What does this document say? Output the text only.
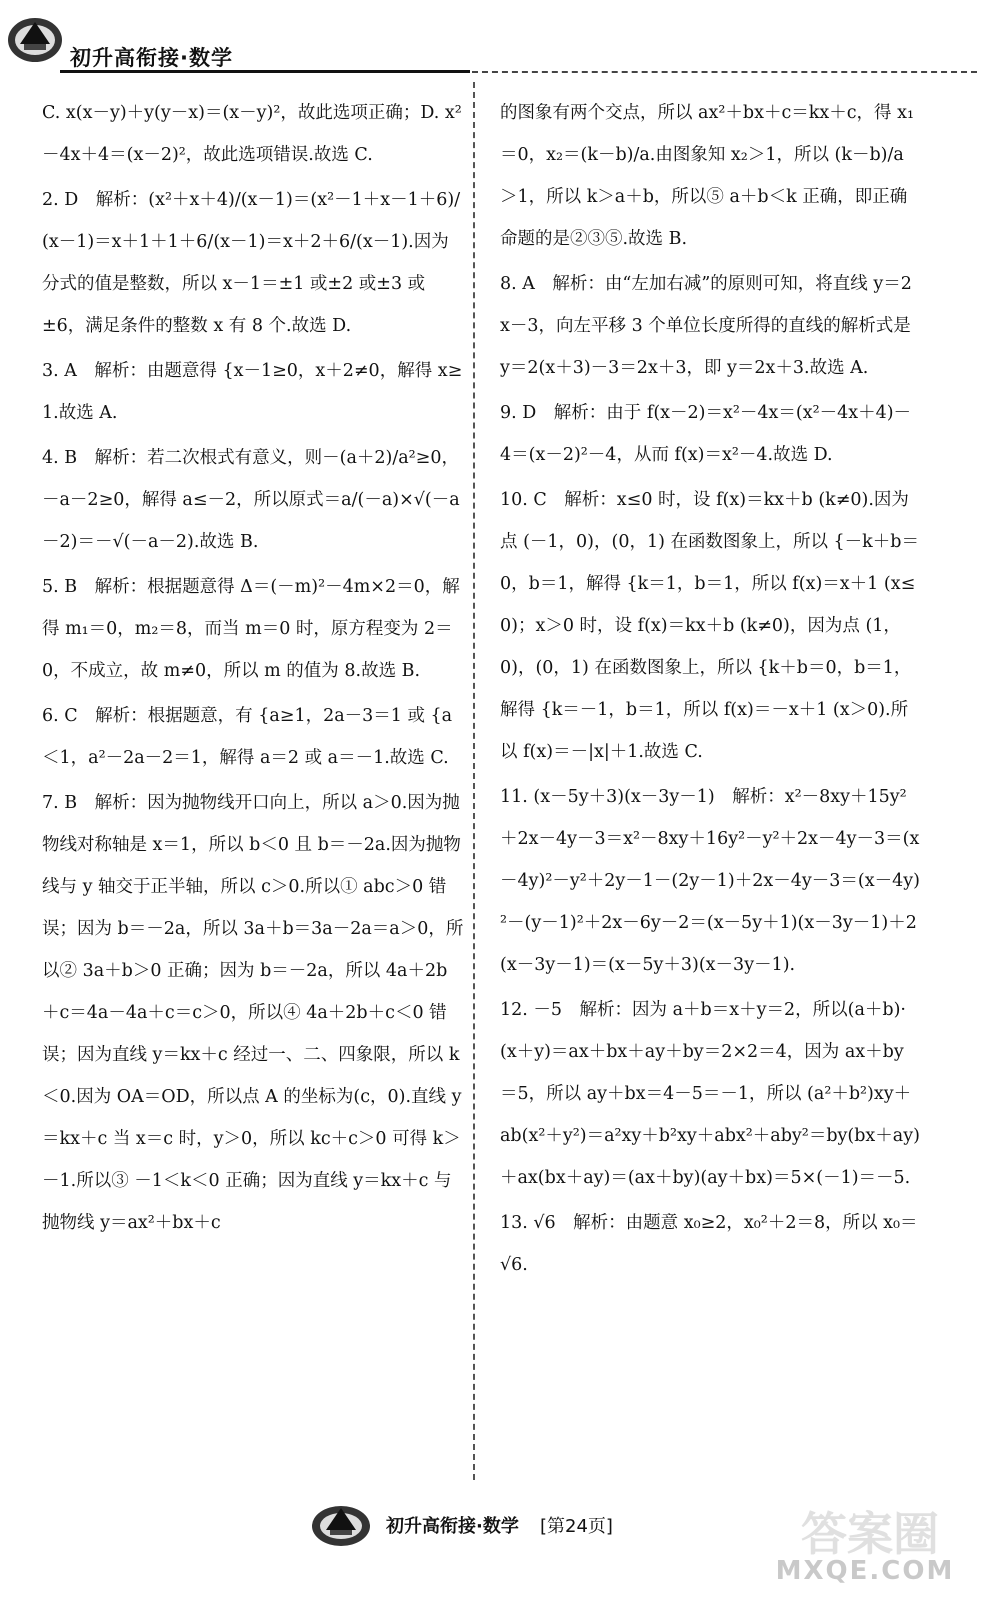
初升高衔接·数学

C. x(x－y)＋y(y－x)＝(x－y)²，故此选项正确；D. x²－4x＋4＝(x－2)²，故此选项错误.故选 C.

2. D　解析：(x²＋x＋4)/(x－1)＝(x²－1＋x－1＋6)/(x－1)＝x＋1＋1＋6/(x－1)＝x＋2＋6/(x－1).因为分式的值是整数，所以 x－1＝±1 或±2 或±3 或±6，满足条件的整数 x 有 8 个.故选 D.

3. A　解析：由题意得 {x－1≥0，x＋2≠0，解得 x≥1.故选 A.

4. B　解析：若二次根式有意义，则－(a＋2)/a²≥0，－a－2≥0，解得 a≤－2，所以原式＝a/(－a)×√(－a－2)＝－√(－a－2).故选 B.

5. B　解析：根据题意得 Δ＝(－m)²－4m×2＝0，解得 m₁＝0，m₂＝8，而当 m＝0 时，原方程变为 2＝0，不成立，故 m≠0，所以 m 的值为 8.故选 B.

6. C　解析：根据题意，有 {a≥1，2a－3＝1 或 {a＜1，a²－2a－2＝1，解得 a＝2 或 a＝－1.故选 C.

7. B　解析：因为抛物线开口向上，所以 a＞0.因为抛物线对称轴是 x＝1，所以 b＜0 且 b＝－2a.因为抛物线与 y 轴交于正半轴，所以 c＞0.所以① abc＞0 错误；因为 b＝－2a，所以 3a＋b＝3a－2a＝a＞0，所以② 3a＋b＞0 正确；因为 b＝－2a，所以 4a＋2b＋c＝4a－4a＋c＝c＞0，所以④ 4a＋2b＋c＜0 错误；因为直线 y＝kx＋c 经过一、二、四象限，所以 k＜0.因为 OA＝OD，所以点 A 的坐标为(c，0).直线 y＝kx＋c 当 x＝c 时，y＞0，所以 kc＋c＞0 可得 k＞－1.所以③ －1＜k＜0 正确；因为直线 y＝kx＋c 与抛物线 y＝ax²＋bx＋c

的图象有两个交点，所以 ax²＋bx＋c＝kx＋c，得 x₁＝0，x₂＝(k－b)/a.由图象知 x₂＞1，所以 (k－b)/a＞1，所以 k＞a＋b，所以⑤ a＋b＜k 正确，即正确命题的是②③⑤.故选 B.

8. A　解析：由“左加右减”的原则可知，将直线 y＝2x－3，向左平移 3 个单位长度所得的直线的解析式是 y＝2(x＋3)－3＝2x＋3，即 y＝2x＋3.故选 A.

9. D　解析：由于 f(x－2)＝x²－4x＝(x²－4x＋4)－4＝(x－2)²－4，从而 f(x)＝x²－4.故选 D.

10. C　解析：x≤0 时，设 f(x)＝kx＋b (k≠0).因为点 (－1，0)，(0，1) 在函数图象上，所以 {－k＋b＝0，b＝1，解得 {k＝1，b＝1，所以 f(x)＝x＋1 (x≤0)；x＞0 时，设 f(x)＝kx＋b (k≠0)，因为点 (1，0)，(0，1) 在函数图象上，所以 {k＋b＝0，b＝1，解得 {k＝－1，b＝1，所以 f(x)＝－x＋1 (x＞0).所以 f(x)＝－|x|＋1.故选 C.

11. (x－5y＋3)(x－3y－1)　解析：x²－8xy＋15y²＋2x－4y－3＝x²－8xy＋16y²－y²＋2x－4y－3＝(x－4y)²－y²＋2y－1－(2y－1)＋2x－4y－3＝(x－4y)²－(y－1)²＋2x－6y－2＝(x－5y＋1)(x－3y－1)＋2(x－3y－1)＝(x－5y＋3)(x－3y－1).

12. －5　解析：因为 a＋b＝x＋y＝2，所以(a＋b)·(x＋y)＝ax＋bx＋ay＋by＝2×2＝4，因为 ax＋by＝5，所以 ay＋bx＝4－5＝－1，所以 (a²＋b²)xy＋ab(x²＋y²)＝a²xy＋b²xy＋abx²＋aby²＝by(bx＋ay)＋ax(bx＋ay)＝(ax＋by)(ay＋bx)＝5×(－1)＝－5.

13. √6　解析：由题意 x₀≥2，x₀²＋2＝8，所以 x₀＝√6.

初升高衔接·数学 [第24页]	答案圈
MXQE.COM
